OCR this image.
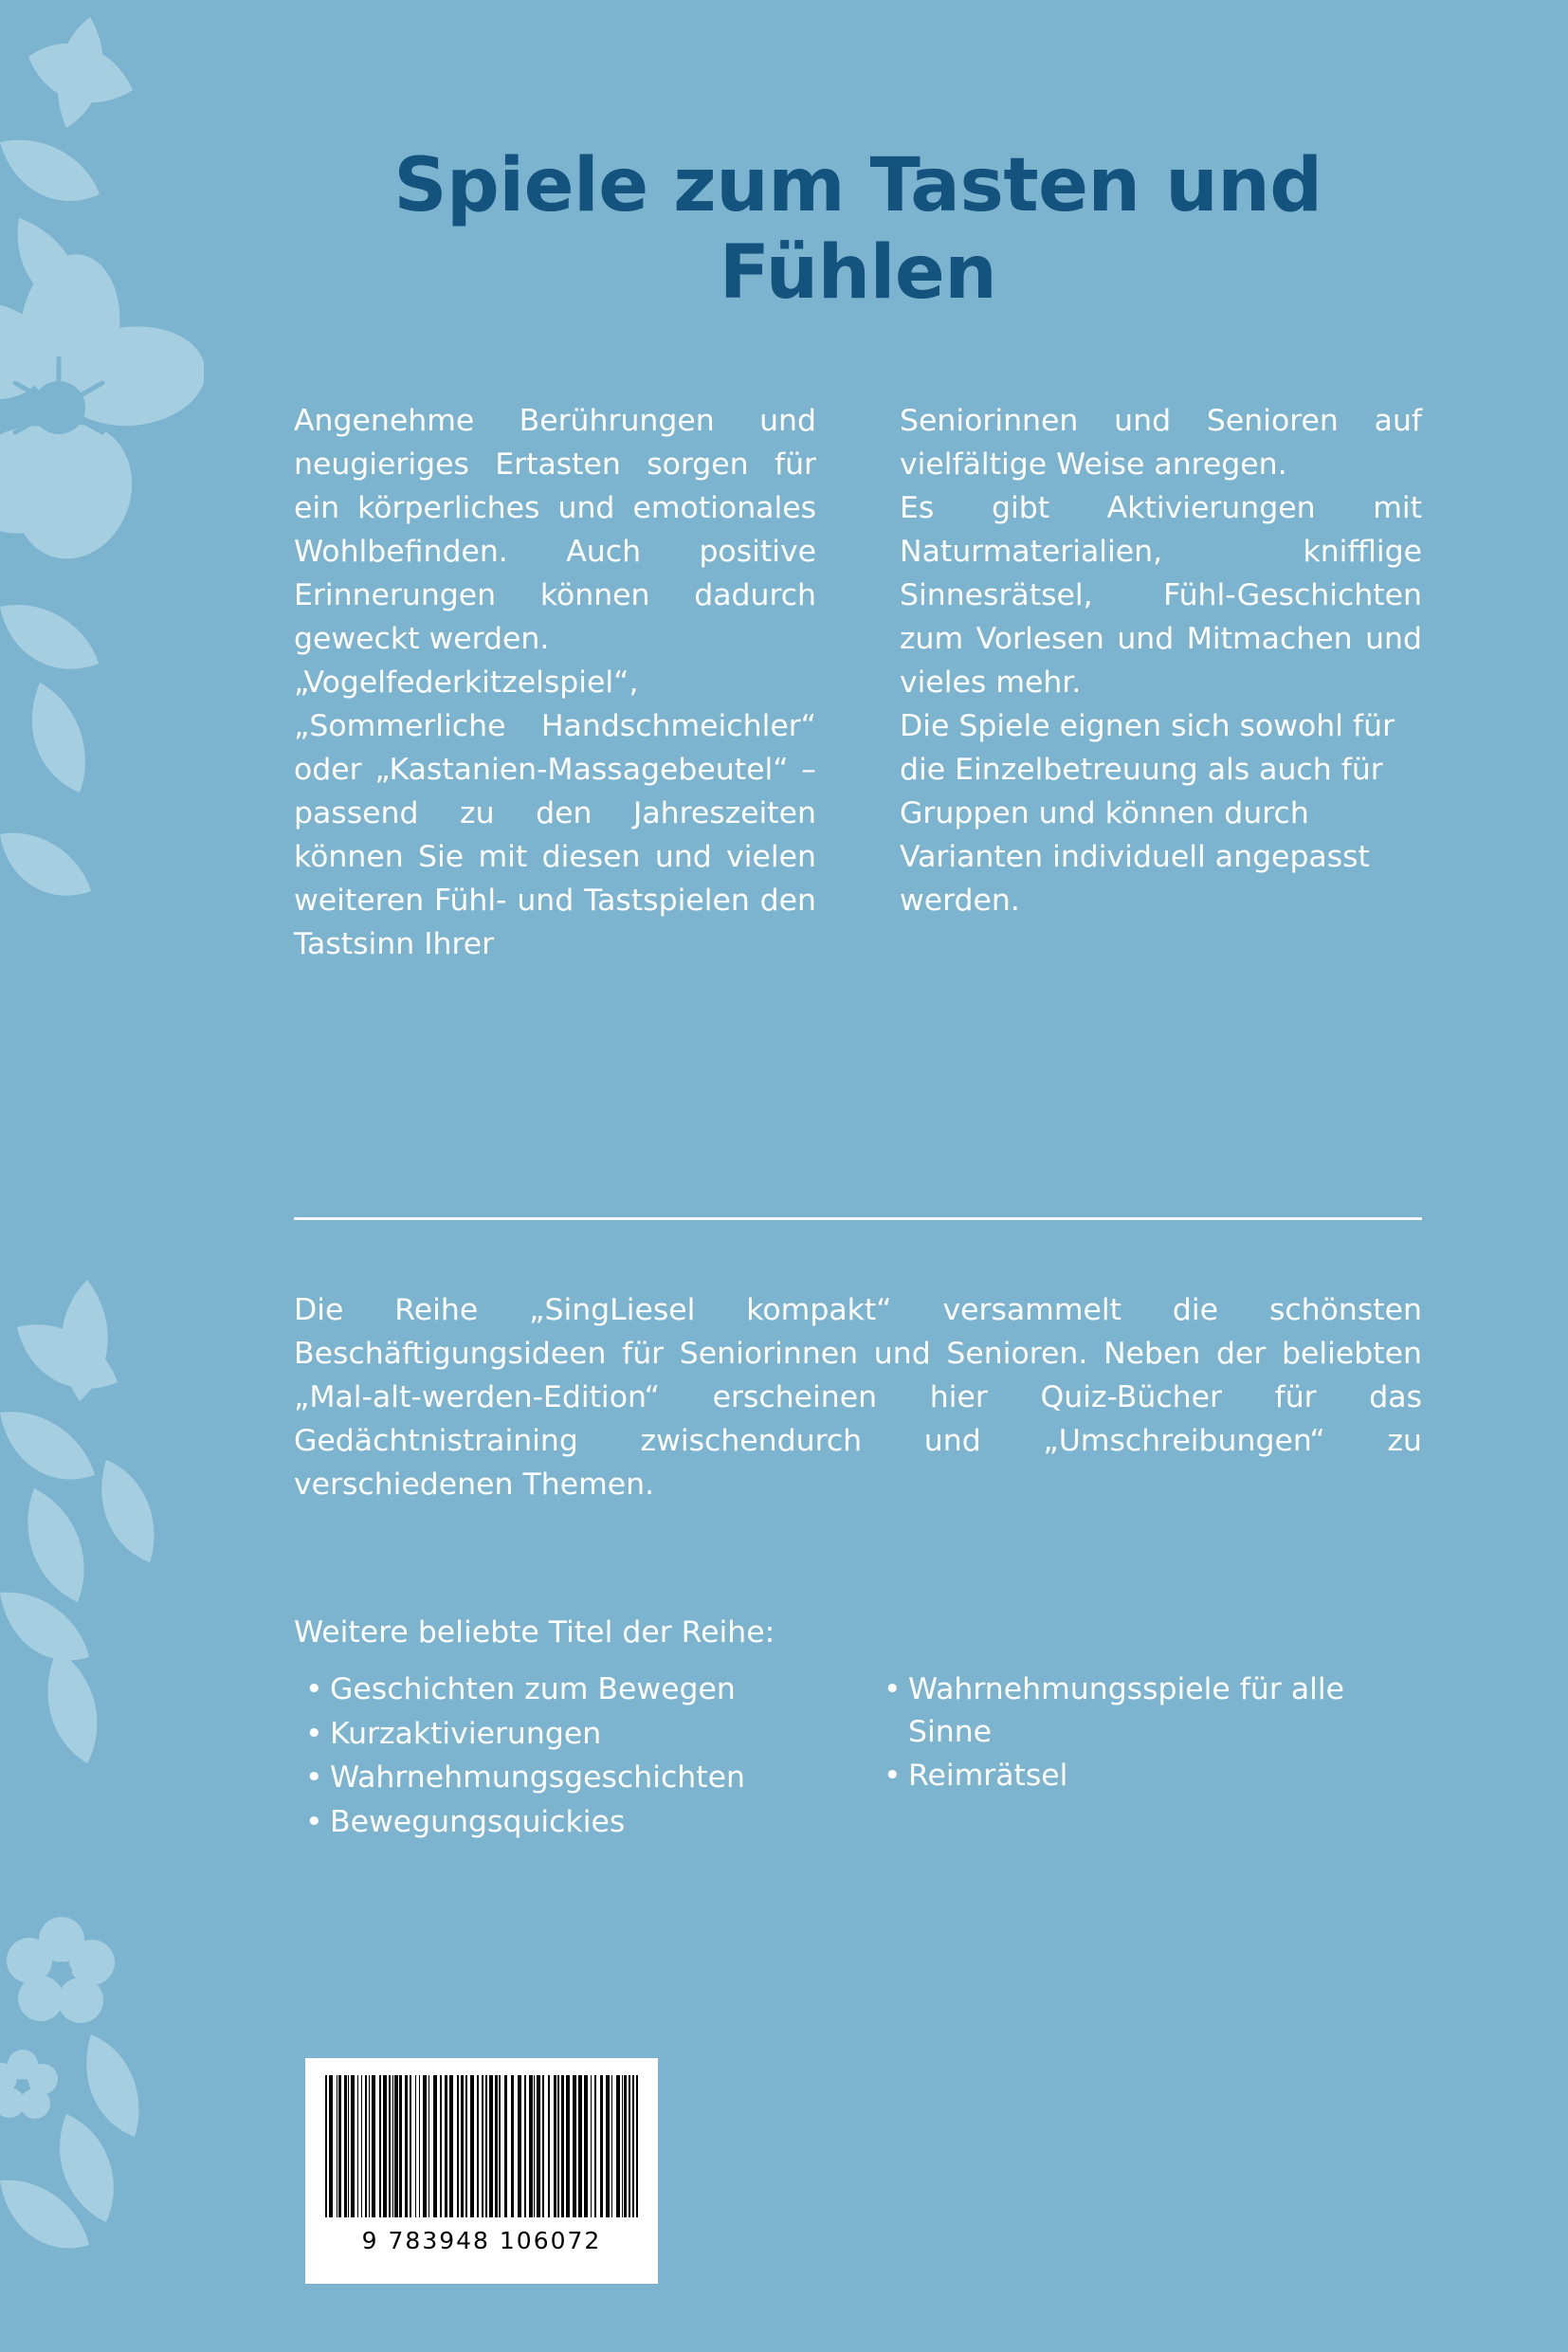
Spiele zum Tasten und Fühlen

Angenehme Berührungen und neugieriges Ertasten sorgen für ein körperliches und emotionales Wohlbefinden. Auch positive Erinnerungen können dadurch geweckt werden.

„Vogelfederkitzelspiel“, „Sommerliche Handschmeichler“ oder „Kastanien-Massagebeutel“ – passend zu den Jahreszeiten können Sie mit diesen und vielen weiteren Fühl- und Tastspielen den Tastsinn Ihrer

Seniorinnen und Senioren auf vielfältige Weise anregen.

Es gibt Aktivierungen mit Naturmaterialien, knifflige Sinnesrätsel, Fühl-Geschichten zum Vorlesen und Mitmachen und vieles mehr.

Die Spiele eignen sich sowohl für die Einzelbetreuung als auch für Gruppen und können durch Varianten individuell angepasst werden.

Die Reihe „SingLiesel kompakt“ versammelt die schönsten Beschäftigungsideen für Seniorinnen und Senioren. Neben der beliebten „Mal-alt-werden-Edition“ erscheinen hier Quiz-Bücher für das Gedächtnistraining zwischendurch und „Umschreibungen“ zu verschiedenen Themen.

Weitere beliebte Titel der Reihe:
• Geschichten zum Bewegen
• Kurzaktivierungen
• Wahrnehmungsgeschichten
• Bewegungsquickies
• Wahrnehmungsspiele für alle Sinne
• Reimrätsel
9 783948 106072
